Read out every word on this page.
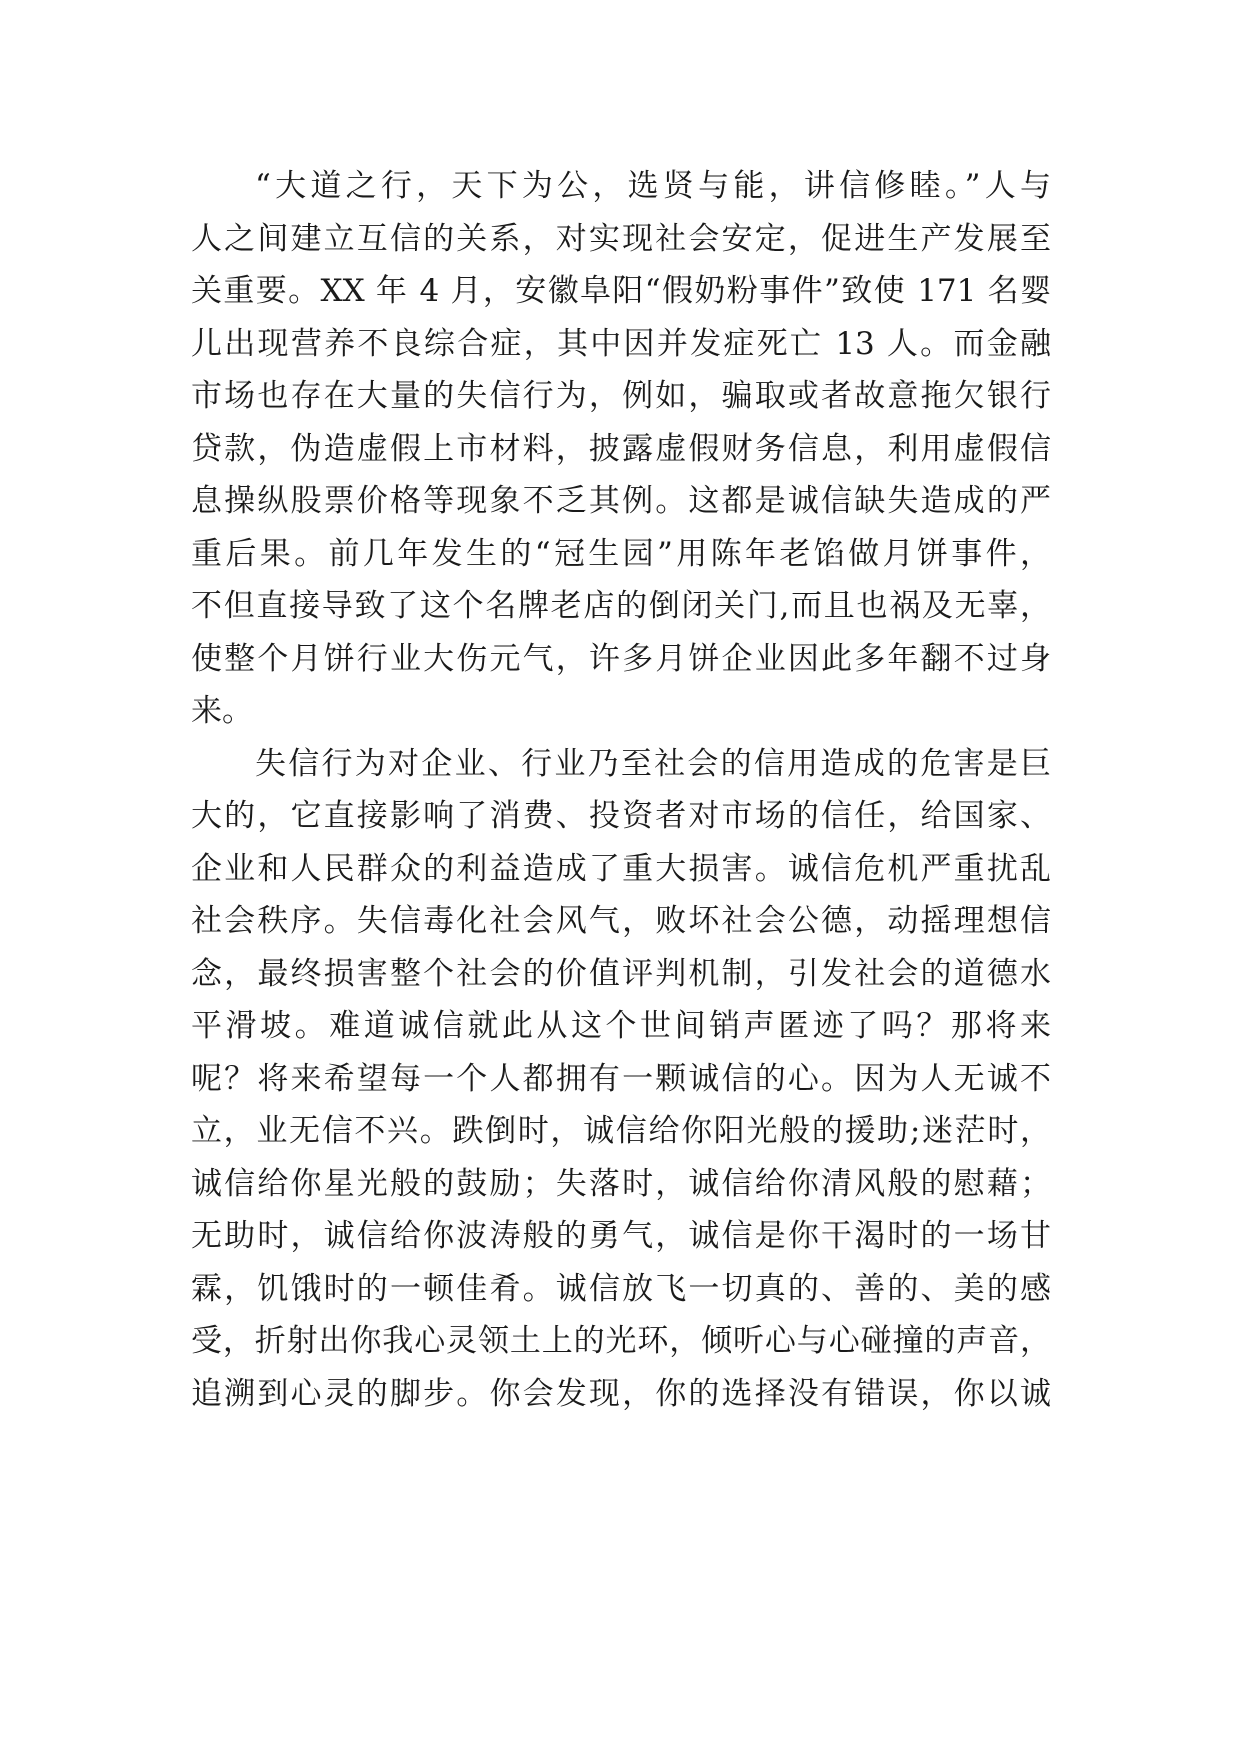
“大道之行，天下为公，选贤与能，讲信修睦。”人与
人之间建立互信的关系，对实现社会安定，促进生产发展至
关重要。XX 年 4 月，安徽阜阳“假奶粉事件”致使 171 名婴
儿出现营养不良综合症，其中因并发症死亡 13 人。而金融
市场也存在大量的失信行为，例如，骗取或者故意拖欠银行
贷款，伪造虚假上市材料，披露虚假财务信息，利用虚假信
息操纵股票价格等现象不乏其例。这都是诚信缺失造成的严
重后果。前几年发生的“冠生园”用陈年老馅做月饼事件，
不但直接导致了这个名牌老店的倒闭关门,而且也祸及无辜，
使整个月饼行业大伤元气，许多月饼企业因此多年翻不过身
来。
失信行为对企业、行业乃至社会的信用造成的危害是巨
大的，它直接影响了消费、投资者对市场的信任，给国家、
企业和人民群众的利益造成了重大损害。诚信危机严重扰乱
社会秩序。失信毒化社会风气，败坏社会公德，动摇理想信
念，最终损害整个社会的价值评判机制，引发社会的道德水
平滑坡。难道诚信就此从这个世间销声匿迹了吗？那将来
呢？将来希望每一个人都拥有一颗诚信的心。因为人无诚不
立，业无信不兴。跌倒时，诚信给你阳光般的援助;迷茫时，
诚信给你星光般的鼓励；失落时，诚信给你清风般的慰藉；
无助时，诚信给你波涛般的勇气，诚信是你干渴时的一场甘
霖，饥饿时的一顿佳肴。诚信放飞一切真的、善的、美的感
受，折射出你我心灵领土上的光环，倾听心与心碰撞的声音，
追溯到心灵的脚步。你会发现，你的选择没有错误，你以诚
